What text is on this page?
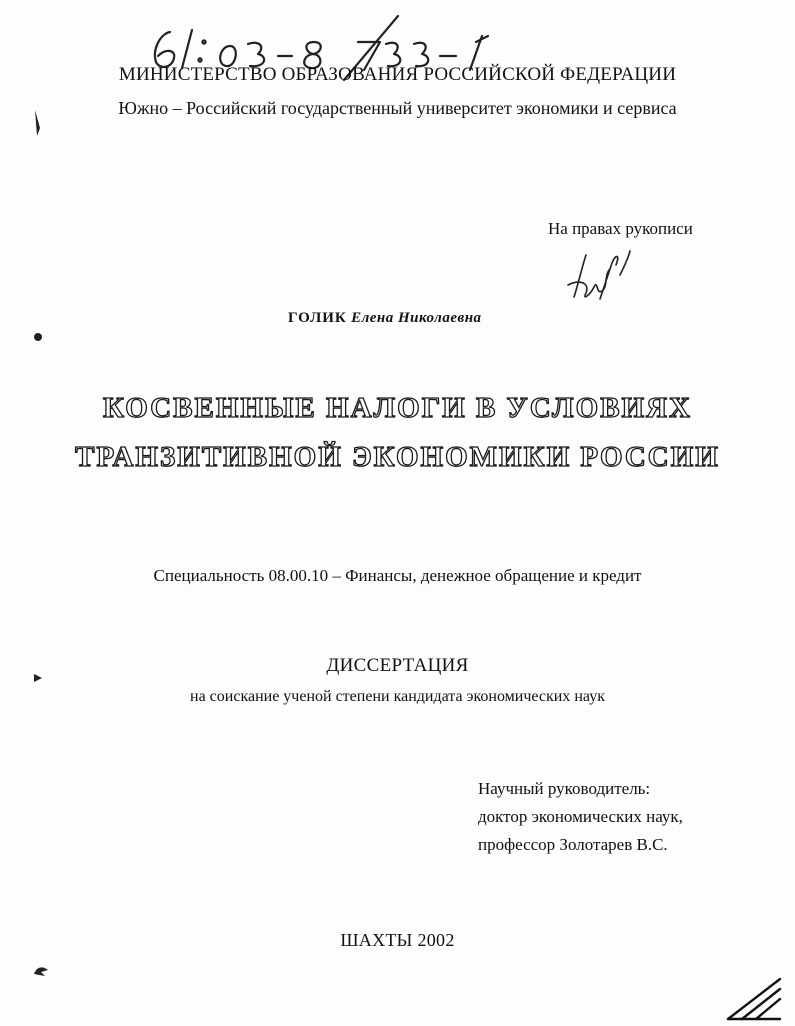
МИНИСТЕРСТВО ОБРАЗОВАНИЯ РОССИЙСКОЙ ФЕДЕРАЦИИ
Южно – Российский государственный университет экономики и сервиса
На правах рукописи
ГОЛИК Елена Николаевна
КОСВЕННЫЕ НАЛОГИ В УСЛОВИЯХ
ТРАНЗИТИВНОЙ ЭКОНОМИКИ РОССИИ
Специальность 08.00.10 – Финансы, денежное обращение и кредит
ДИССЕРТАЦИЯ
на соискание ученой степени кандидата экономических наук
Научный руководитель:
доктор экономических наук,
профессор Золотарев В.С.
ШАХТЫ 2002
